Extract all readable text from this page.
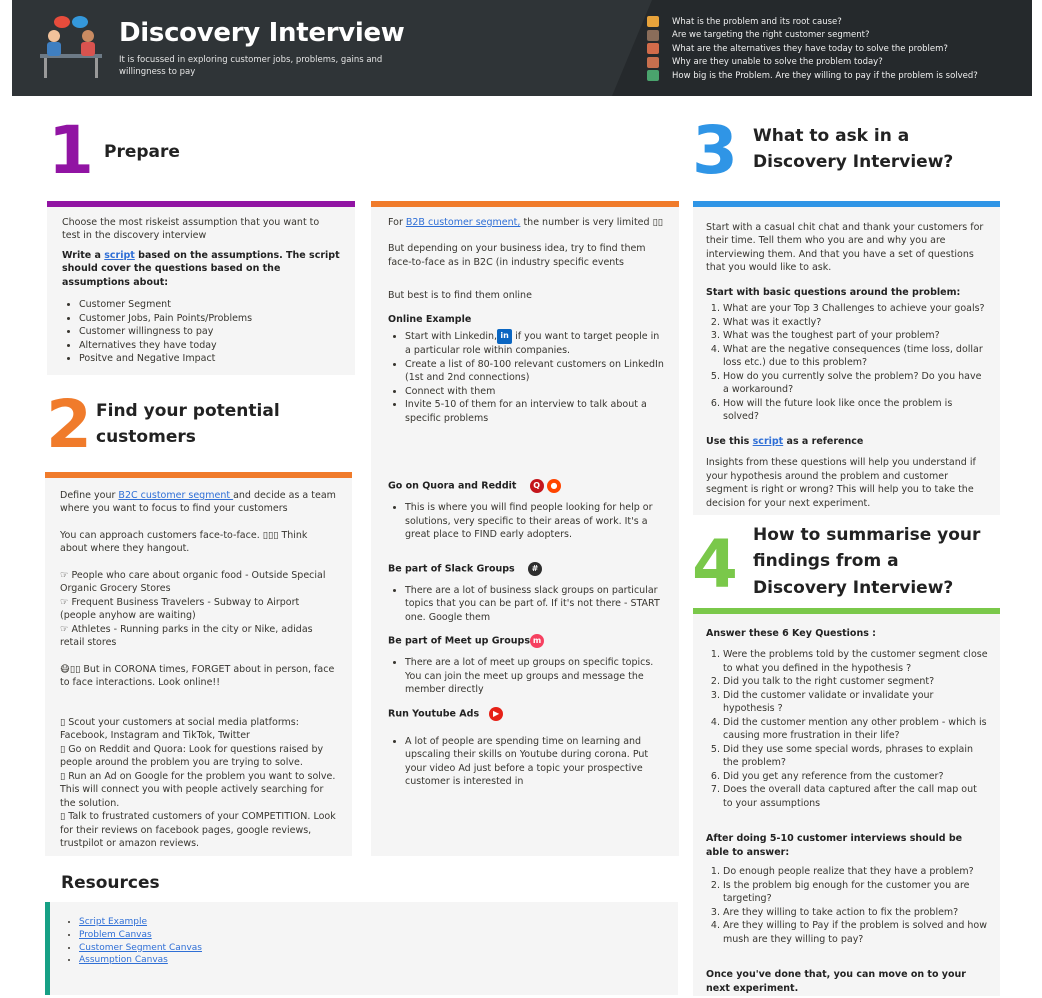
Discovery Interview
It is focussed in exploring customer jobs, problems, gains and willingness to pay
What is the problem and its root cause?
Are we targeting the right customer segment?
What are the alternatives they have today to solve the problem?
Why are they unable to solve the problem today?
How big is the Problem. Are they willing to pay if the problem is solved?
1 Prepare

Choose the most riskeist assumption that you want to test in the discovery interview

Write a script based on the assumptions. The script should cover the questions based on the assumptions about:

• Customer Segment
• Customer Jobs, Pain Points/Problems
• Customer willingness to pay
• Alternatives they have today
• Positve and Negative Impact
2 Find your potential customers

Define your B2C customer segment and decide as a team where you want to focus to find your customers

You can approach customers face-to-face. ▯▯▯ Think about where they hangout.

☞ People who care about organic food - Outside Special Organic Grocery Stores

☞ Frequent Business Travelers - Subway to Airport (people anyhow are waiting)

☞ Athletes - Running parks in the city or Nike, adidas retail stores

😷▯▯ But in CORONA times, FORGET about in person, face to face interactions. Look online!!

▯ Scout your customers at social media platforms: Facebook, Instagram and TikTok, Twitter

▯ Go on Reddit and Quora: Look for questions raised by people around the problem you are trying to solve.

▯ Run an Ad on Google for the problem you want to solve. This will connect you with people actively searching for the solution.

▯ Talk to frustrated customers of your COMPETITION. Look for their reviews on facebook pages, google reviews, trustpilot or amazon reviews.

For B2B customer segment, the number is very limited ▯▯

But depending on your business idea, try to find them face-to-face as in B2C (in industry specific events

But best is to find them online

Online Example

• Start with Linkedin, in if you want to target people in a particular role within companies.
• Create a list of 80-100 relevant customers on LinkedIn (1st and 2nd connections)
• Connect with them
• Invite 5-10 of them for an interview to talk about a specific problems

Go on Quora and Reddit Q ●

• This is where you will find people looking for help or solutions, very specific to their areas of work. It's a great place to FIND early adopters.

Be part of Slack Groups #

• There are a lot of business slack groups on particular topics that you can be part of. If it's not there - START one. Google them

Be part of Meet up Groups m

• There are a lot of meet up groups on specific topics. You can join the meet up groups and message the member directly

Run Youtube Ads ▶

• A lot of people are spending time on learning and upscaling their skills on Youtube during corona. Put your video Ad just before a topic your prospective customer is interested in
3 What to ask in a Discovery Interview?

Start with a casual chit chat and thank your customers for their time. Tell them who you are and why you are interviewing them. And that you have a set of questions that you would like to ask.

Start with basic questions around the problem:

1. What are your Top 3 Challenges to achieve your goals?
2. What was it exactly?
3. What was the toughest part of your problem?
4. What are the negative consequences (time loss, dollar loss etc.) due to this problem?
5. How do you currently solve the problem? Do you have a workaround?
6. How will the future look like once the problem is solved?

Use this script as a reference

Insights from these questions will help you understand if your hypothesis around the problem and customer segment is right or wrong? This will help you to take the decision for your next experiment.

4 How to summarise your findings from a Discovery Interview?

Answer these 6 Key Questions :

1. Were the problems told by the customer segment close to what you defined in the hypothesis ?
2. Did you talk to the right customer segment?
3. Did the customer validate or invalidate your hypothesis ?
4. Did the customer mention any other problem - which is causing more frustration in their life?
5. Did they use some special words, phrases to explain the problem?
6. Did you get any reference from the customer?
7. Does the overall data captured after the call map out to your assumptions

After doing 5-10 customer interviews should be able to answer:

1. Do enough people realize that they have a problem?
2. Is the problem big enough for the customer you are targeting?
3. Are they willing to take action to fix the problem?
4. Are they willing to Pay if the problem is solved and how mush are they willing to pay?

Once you've done that, you can move on to your next experiment.

Resources
• Script Example
• Problem Canvas
• Customer Segment Canvas
• Assumption Canvas
